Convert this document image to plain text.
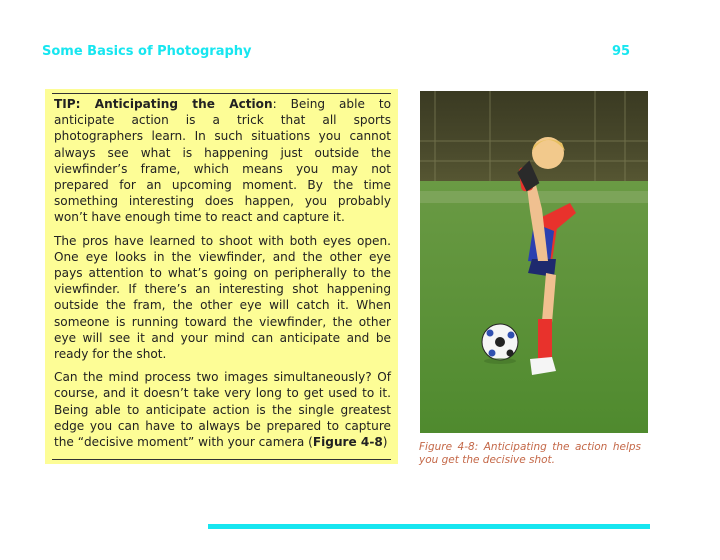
Some Basics of Photography	95

TIP: Anticipating the Action: Being able to anticipate action is a trick that all sports photographers learn. In such situations you cannot always see what is happening just outside the viewfinder’s frame, which means you may not prepared for an upcoming moment. By the time something interesting does happen, you probably won’t have enough time to react and capture it.

The pros have learned to shoot with both eyes open. One eye looks in the viewfinder, and the other eye pays attention to what’s going on peripherally to the viewfinder. If there’s an interesting shot happening outside the fram, the other eye will catch it. When someone is running toward the viewfinder, the other eye will see it and your mind can anticipate and be ready for the shot.

Can the mind process two images simultaneously? Of course, and it doesn’t take very long to get used to it. Being able to anticipate action is the single greatest edge you can have to always be prepared to capture the “decisive moment” with your camera (Figure 4-8)	Figure 4-8: Anticipating the action helps you get the decisive shot.
